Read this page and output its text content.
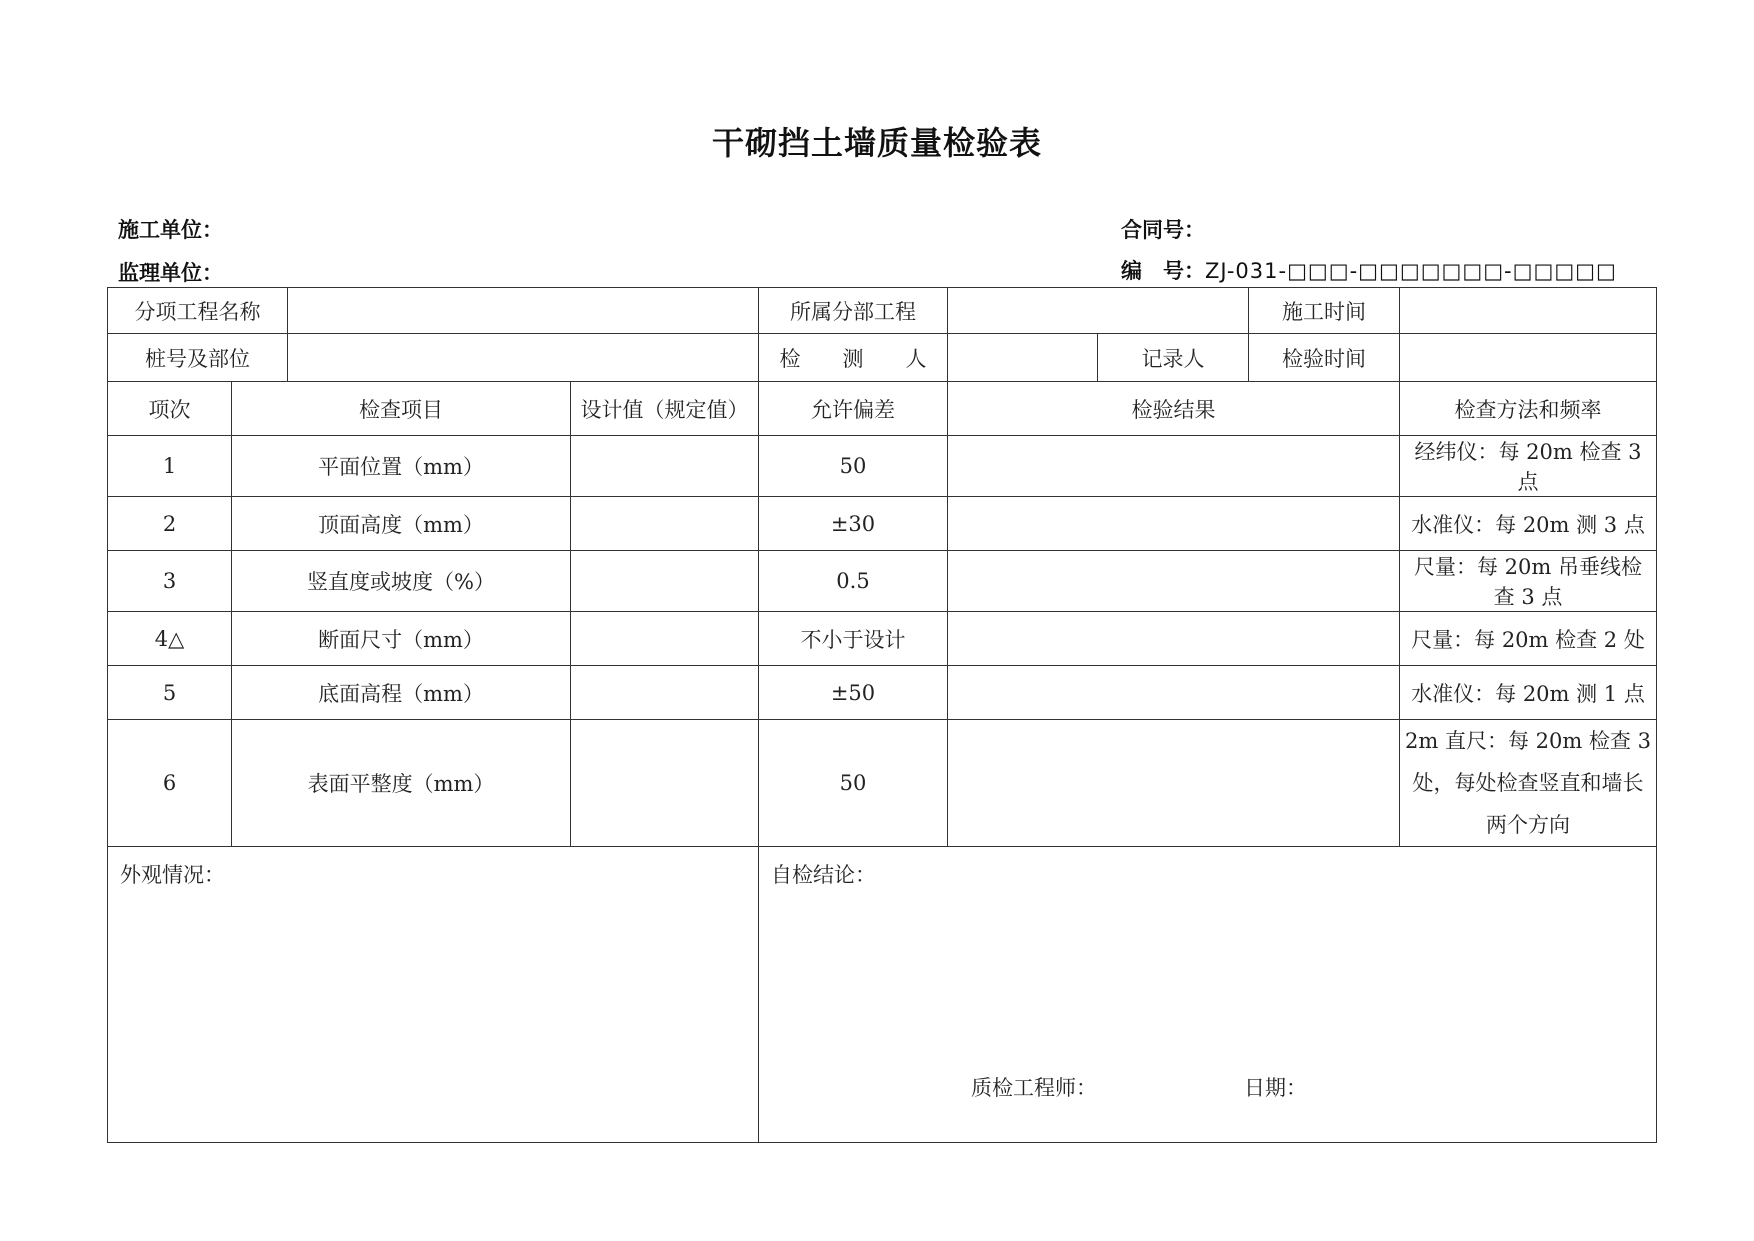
干砌挡土墙质量检验表
施工单位：	合同号：
监理单位：	编　号：ZJ-031-□□□-□□□□□□□-□□□□□
分项工程名称				所属分部工程			施工时间	
桩号及部位				检　　测　　人		记录人	检验时间	
项次	检查项目		设计值（规定值）	允许偏差	检验结果			检查方法和频率
1	平面位置（mm）			50				经纬仪：每 20m 检查 3 点
2	顶面高度（mm）			±30				水准仪：每 20m 测 3 点
3	竖直度或坡度（%）			0.5				尺量：每 20m 吊垂线检查 3 点
4△	断面尺寸（mm）			不小于设计				尺量：每 20m 检查 2 处
5	底面高程（mm）			±50				水准仪：每 20m 测 1 点
6	表面平整度（mm）			50				2m 直尺：每 20m 检查 3 处，每处检查竖直和墙长两个方向

外观情况：				自检结论：
质检工程师： 日期：				
